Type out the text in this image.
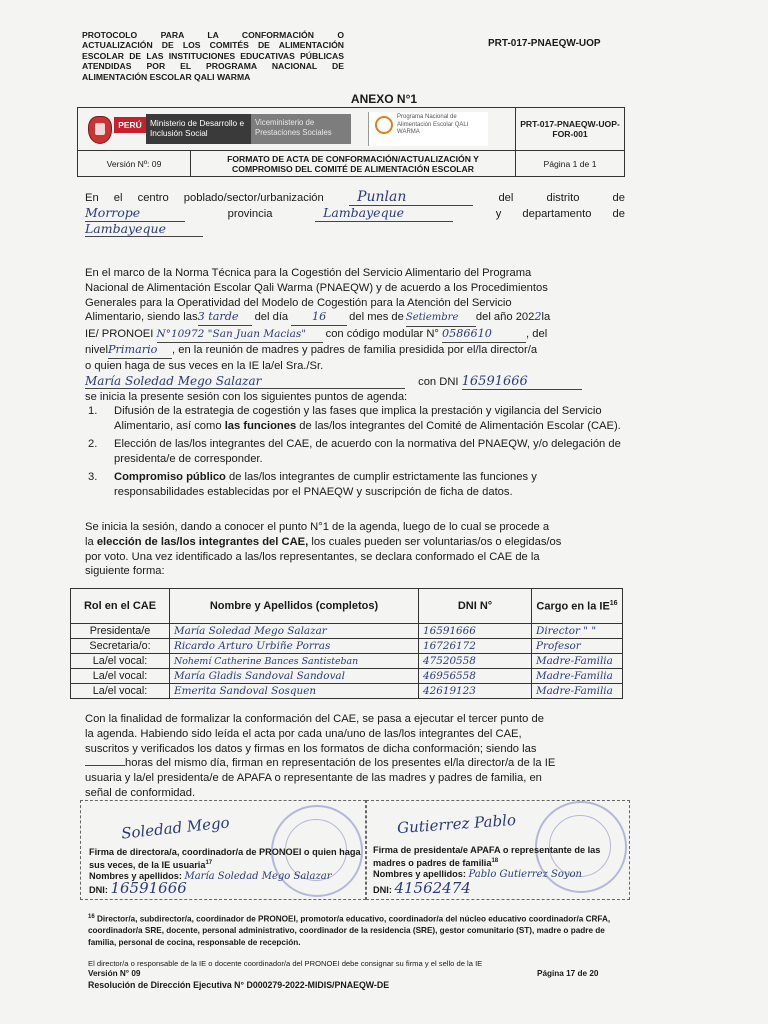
PROTOCOLO PARA LA CONFORMACIÓN O
ACTUALIZACIÓN DE LOS COMITÉS DE ALIMENTACIÓN
ESCOLAR DE LAS INSTITUCIONES EDUCATIVAS PÚBLICAS
ATENDIDAS POR EL PROGRAMA NACIONAL DE
ALIMENTACIÓN ESCOLAR QALI WARMA
PRT-017-PNAEQW-UOP
ANEXO N°1
PERÚ Ministerio de Desarrollo e Inclusión Social
Viceministerio de Prestaciones Sociales
Programa Nacional de Alimentación Escolar QALI WARMA		PRT-017-PNAEQW-UOP-FOR-001
Versión Nº: 09	FORMATO DE ACTA DE CONFORMACIÓN/ACTUALIZACIÓN Y COMPROMISO DEL COMITÉ DE ALIMENTACIÓN ESCOLAR	Página 1 de 1
En el centro poblado/sector/urbanización	Punlan	del distrito de
Morrope	provincia	Lambayeque	y departamento de
Lambayeque
En el marco de la Norma Técnica para la Cogestión del Servicio Alimentario del Programa
Nacional de Alimentación Escolar Qali Warma (PNAEQW) y de acuerdo a los Procedimientos
Generales para la Operatividad del Modelo de Cogestión para la Atención del Servicio
Alimentario, siendo las3 tarde del día 16 del mes de Setiembre del año 2022la
IE/ PRONOEI N°10972 "San Juan Macias" con código modular N° 0586610	, del
nivelPrimario , en la reunión de madres y padres de familia presidida por el/la director/a
o quien haga de sus veces en la IE la/el Sra./Sr.
María Soledad Mego Salazar	con DNI 16591666
se inicia la presente sesión con los siguientes puntos de agenda:
1. Difusión de la estrategia de cogestión y las fases que implica la prestación y vigilancia del Servicio Alimentario, así como las funciones de las/los integrantes del Comité de Alimentación Escolar (CAE).
2. Elección de las/los integrantes del CAE, de acuerdo con la normativa del PNAEQW, y/o delegación de presidenta/e de corresponder.
3. Compromiso público de las/los integrantes de cumplir estrictamente las funciones y responsabilidades establecidas por el PNAEQW y suscripción de ficha de datos.
Se inicia la sesión, dando a conocer el punto N°1 de la agenda, luego de lo cual se procede a
la elección de las/los integrantes del CAE, los cuales pueden ser voluntarias/os o elegidas/os
por voto. Una vez identificado a las/los representantes, se declara conformado el CAE de la
siguiente forma:
Rol en el CAE	Nombre y Apellidos (completos)	DNI N°	Cargo en la IE$^{16}$
Presidenta/e	María Soledad Mego Salazar	16591666	Director " "
Secretaria/o:	Ricardo Arturo Urbiñe Porras	16726172	Profesor
La/el vocal:	Nohemí Catherine Bances Santisteban	47520558	Madre-Familia
La/el vocal:	María Gladis Sandoval Sandoval	46956558	Madre-Familia
La/el vocal:	Emerita Sandoval Sosquen	42619123	Madre-Familia
Con la finalidad de formalizar la conformación del CAE, se pasa a ejecutar el tercer punto de
la agenda. Habiendo sido leída el acta por cada una/uno de las/los integrantes del CAE,
suscritos y verificados los datos y firmas en los formatos de dicha conformación; siendo las
horas del mismo día, firman en representación de los presentes el/la director/a de la IE
usuaria y la/el presidenta/e de APAFA o representante de las madres y padres de familia, en
señal de conformidad.
Soledad Mego
Firma de directora/a, coordinador/a de PRONOEI o quien haga sus veces, de la IE usuaria$^{17}$
Nombres y apellidos: María Soledad Mego Salazar
DNI: 16591666
Gutierrez Pablo
Firma de presidenta/e APAFA o representante de las madres o padres de familia$^{18}$
Nombres y apellidos: Pablo Gutierrez Soyon
DNI: 41562474
$^{16}$ Director/a, subdirector/a, coordinador de PRONOEI, promotor/a educativo, coordinador/a del núcleo educativo coordinador/a CRFA, coordinador/a SRE, docente, personal administrativo, coordinador de la residencia (SRE), gestor comunitario (ST), madre o padre de familia, personal de cocina, responsable de recepción.
El director/a o responsable de la IE o docente coordinador/a del PRONOEI debe consignar su firma y el sello de la IE
Versión N° 09	Página 17 de 20
Resolución de Dirección Ejecutiva N° D000279-2022-MIDIS/PNAEQW-DE
